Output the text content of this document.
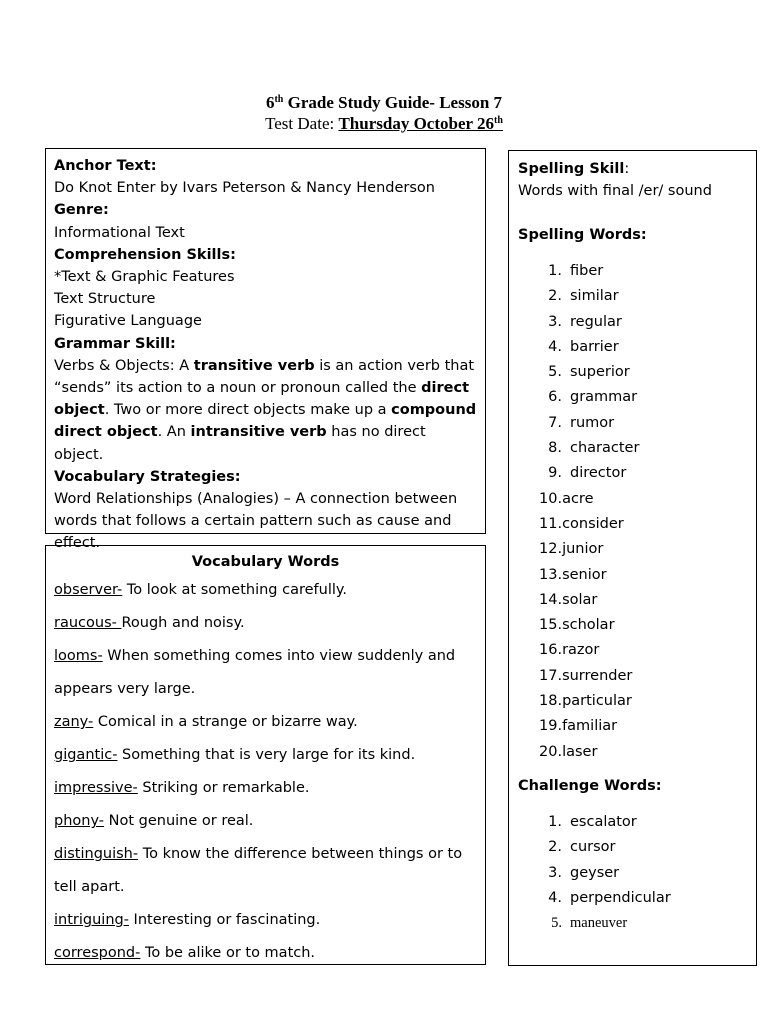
6th Grade Study Guide- Lesson 7
Test Date: Thursday October 26th
Anchor Text:
Do Knot Enter by Ivars Peterson & Nancy Henderson
Genre:
Informational Text
Comprehension Skills:
*Text & Graphic Features
Text Structure
Figurative Language
Grammar Skill:
Verbs & Objects: A transitive verb is an action verb that “sends” its action to a noun or pronoun called the direct object. Two or more direct objects make up a compound direct object. An intransitive verb has no direct object.
Vocabulary Strategies:
Word Relationships (Analogies) – A connection between words that follows a certain pattern such as cause and effect.
Vocabulary Words
observer- To look at something carefully.
raucous- Rough and noisy.
looms- When something comes into view suddenly and appears very large.
zany- Comical in a strange or bizarre way.
gigantic- Something that is very large for its kind.
impressive- Striking or remarkable.
phony- Not genuine or real.
distinguish- To know the difference between things or to tell apart.
intriguing- Interesting or fascinating.
correspond- To be alike or to match.
Spelling Skill:
Words with final /er/ sound
Spelling Words:
1. fiber
2. similar
3. regular
4. barrier
5. superior
6. grammar
7. rumor
8. character
9. director
10.acre
11.consider
12.junior
13.senior
14.solar
15.scholar
16.razor
17.surrender
18.particular
19.familiar
20.laser
Challenge Words:
1. escalator
2. cursor
3. geyser
4. perpendicular
5. maneuver
